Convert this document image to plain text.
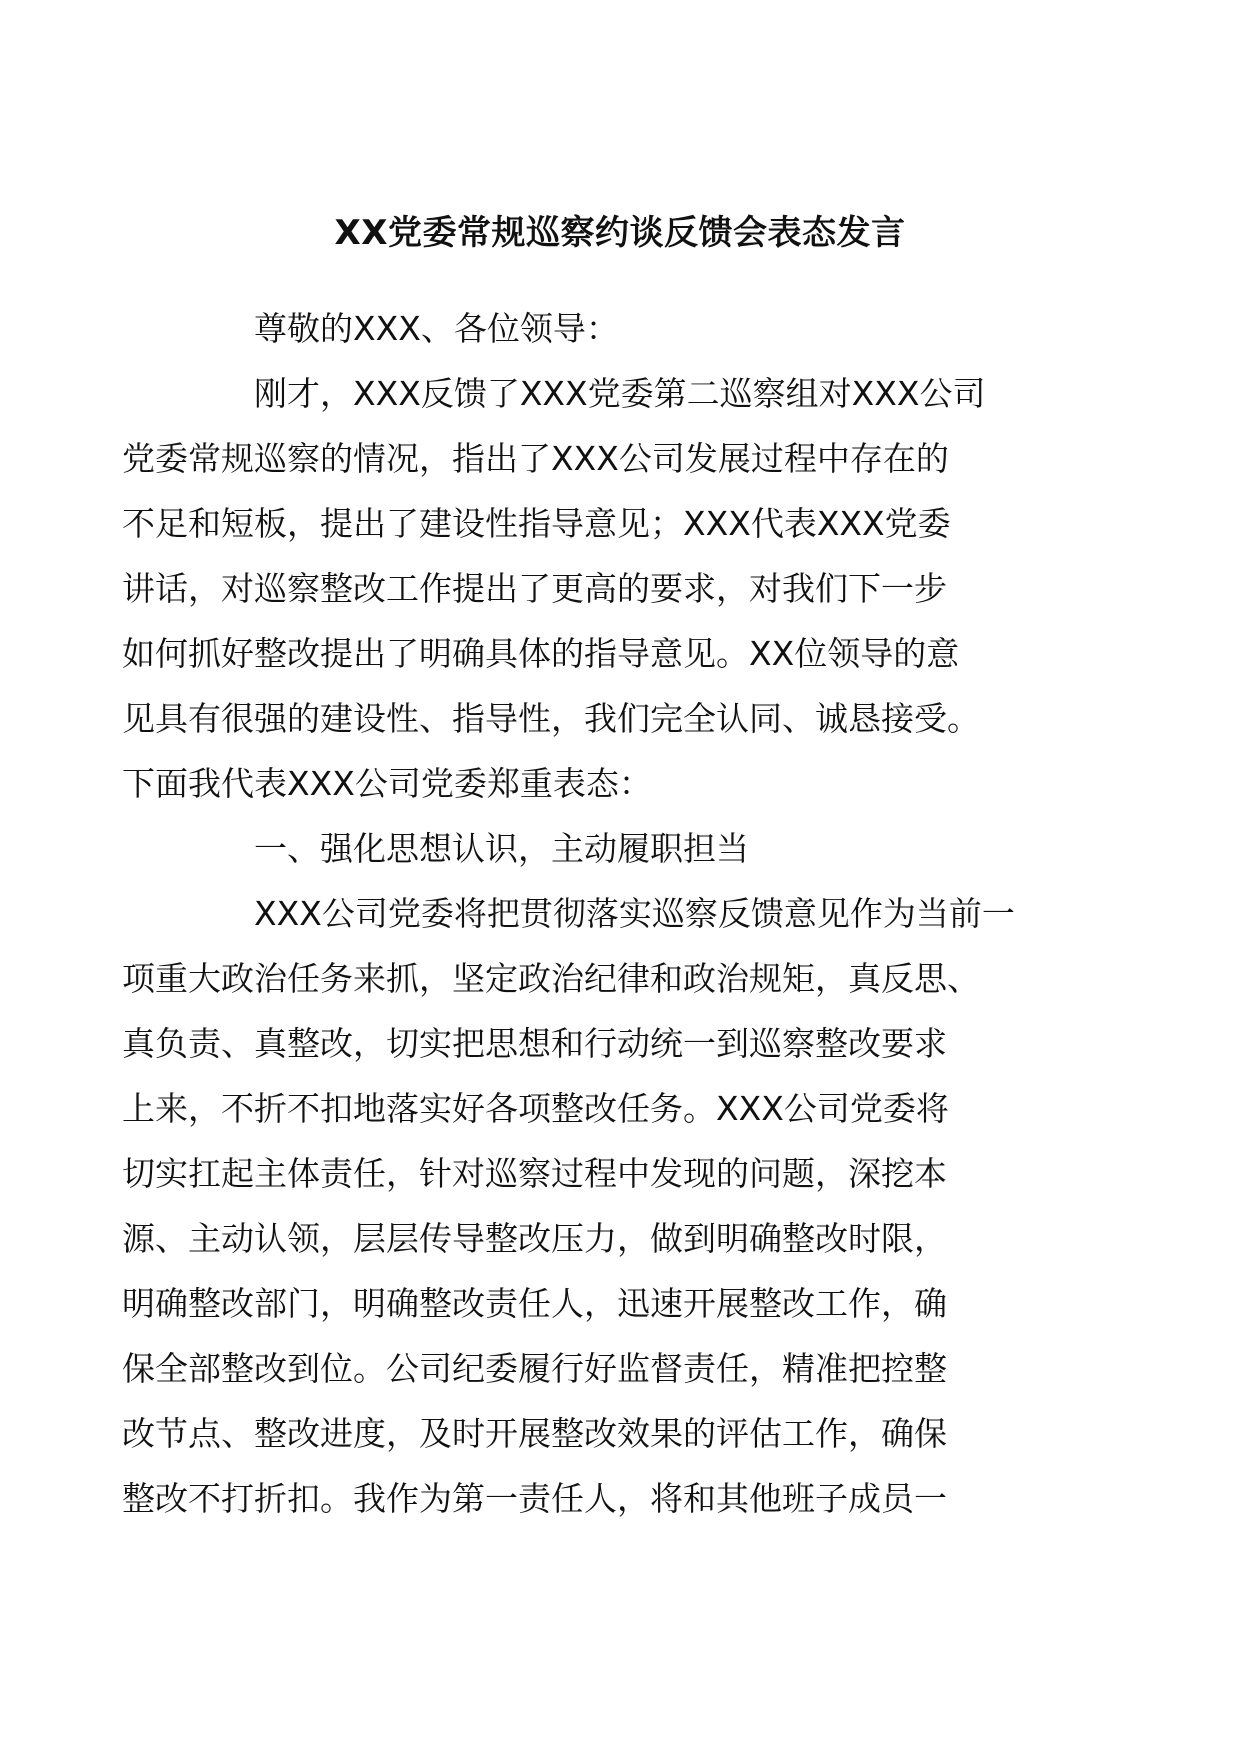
XX党委常规巡察约谈反馈会表态发言

尊敬的XXX、各位领导：

刚才，XXX反馈了XXX党委第二巡察组对XXX公司
党委常规巡察的情况，指出了XXX公司发展过程中存在的
不足和短板，提出了建设性指导意见；XXX代表XXX党委
讲话，对巡察整改工作提出了更高的要求，对我们下一步
如何抓好整改提出了明确具体的指导意见。XX位领导的意
见具有很强的建设性、指导性，我们完全认同、诚恳接受。
下面我代表XXX公司党委郑重表态：

一、强化思想认识，主动履职担当

XXX公司党委将把贯彻落实巡察反馈意见作为当前一
项重大政治任务来抓，坚定政治纪律和政治规矩，真反思、
真负责、真整改，切实把思想和行动统一到巡察整改要求
上来，不折不扣地落实好各项整改任务。XXX公司党委将
切实扛起主体责任，针对巡察过程中发现的问题，深挖本
源、主动认领，层层传导整改压力，做到明确整改时限，
明确整改部门，明确整改责任人，迅速开展整改工作，确
保全部整改到位。公司纪委履行好监督责任，精准把控整
改节点、整改进度，及时开展整改效果的评估工作，确保
整改不打折扣。我作为第一责任人，将和其他班子成员一
